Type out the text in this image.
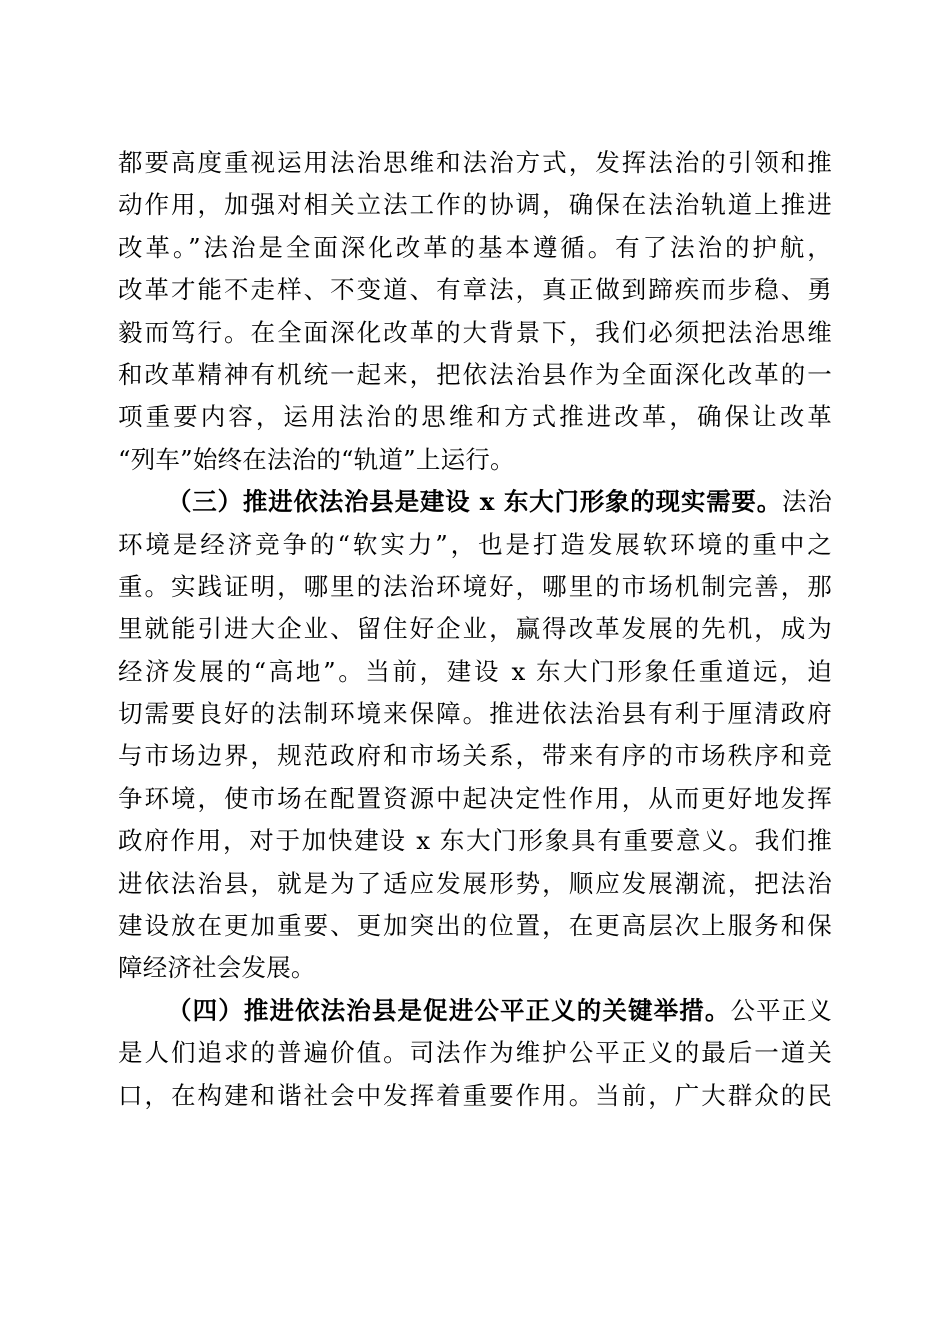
都要高度重视运用法治思维和法治方式，发挥法治的引领和推
动作用，加强对相关立法工作的协调，确保在法治轨道上推进
改革。”法治是全面深化改革的基本遵循。有了法治的护航，
改革才能不走样、不变道、有章法，真正做到蹄疾而步稳、勇
毅而笃行。在全面深化改革的大背景下，我们必须把法治思维
和改革精神有机统一起来，把依法治县作为全面深化改革的一
项重要内容，运用法治的思维和方式推进改革，确保让改革
“列车”始终在法治的“轨道”上运行。
（三）推进依法治县是建设 x 东大门形象的现实需要。法治
环境是经济竞争的“软实力”，也是打造发展软环境的重中之
重。实践证明，哪里的法治环境好，哪里的市场机制完善，那
里就能引进大企业、留住好企业，赢得改革发展的先机，成为
经济发展的“高地”。当前，建设 x 东大门形象任重道远，迫
切需要良好的法制环境来保障。推进依法治县有利于厘清政府
与市场边界，规范政府和市场关系，带来有序的市场秩序和竞
争环境，使市场在配置资源中起决定性作用，从而更好地发挥
政府作用，对于加快建设 x 东大门形象具有重要意义。我们推
进依法治县，就是为了适应发展形势，顺应发展潮流，把法治
建设放在更加重要、更加突出的位置，在更高层次上服务和保
障经济社会发展。
（四）推进依法治县是促进公平正义的关键举措。公平正义
是人们追求的普遍价值。司法作为维护公平正义的最后一道关
口，在构建和谐社会中发挥着重要作用。当前，广大群众的民
